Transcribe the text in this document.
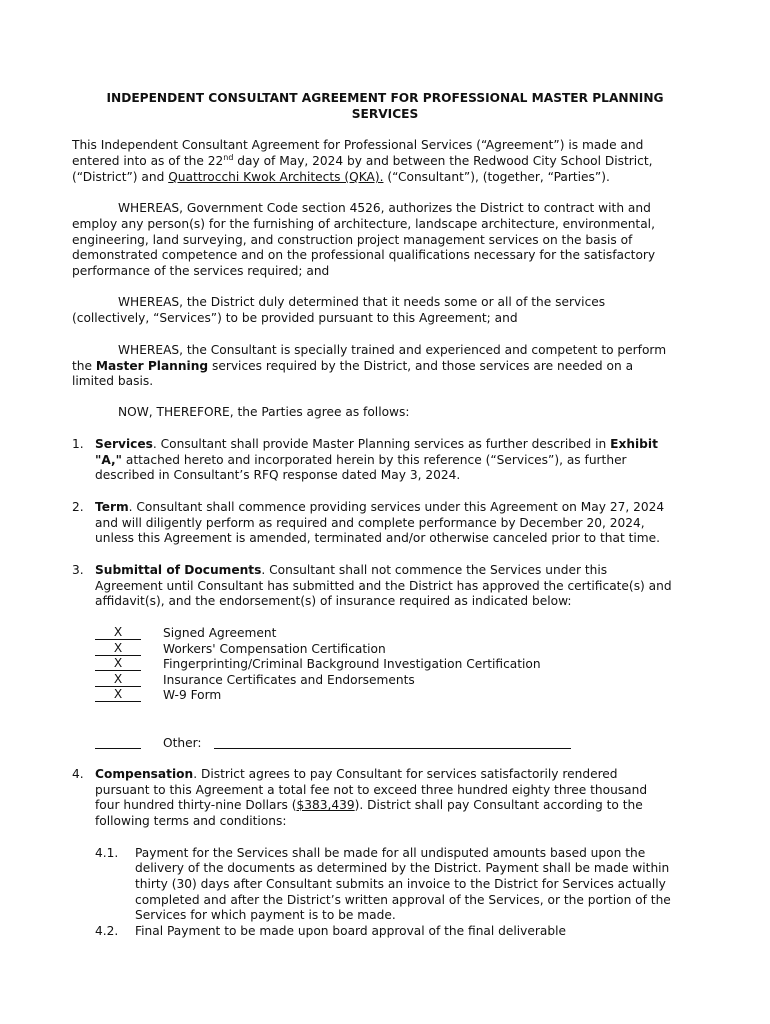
INDEPENDENT CONSULTANT AGREEMENT FOR PROFESSIONAL MASTER PLANNING
SERVICES
This Independent Consultant Agreement for Professional Services (“Agreement”) is made and
entered into as of the 22nd day of May, 2024 by and between the Redwood City School District,
(“District”) and Quattrocchi Kwok Architects (QKA). (“Consultant”), (together, “Parties”).
WHEREAS, Government Code section 4526, authorizes the District to contract with and
employ any person(s) for the furnishing of architecture, landscape architecture, environmental,
engineering, land surveying, and construction project management services on the basis of
demonstrated competence and on the professional qualifications necessary for the satisfactory
performance of the services required; and
WHEREAS, the District duly determined that it needs some or all of the services
(collectively, “Services”) to be provided pursuant to this Agreement; and
WHEREAS, the Consultant is specially trained and experienced and competent to perform
the Master Planning services required by the District, and those services are needed on a
limited basis.
NOW, THEREFORE, the Parties agree as follows:
1. Services. Consultant shall provide Master Planning services as further described in Exhibit
"A," attached hereto and incorporated herein by this reference (“Services”), as further
described in Consultant’s RFQ response dated May 3, 2024.
2. Term. Consultant shall commence providing services under this Agreement on May 27, 2024
and will diligently perform as required and complete performance by December 20, 2024,
unless this Agreement is amended, terminated and/or otherwise canceled prior to that time.
3. Submittal of Documents. Consultant shall not commence the Services under this
Agreement until Consultant has submitted and the District has approved the certificate(s) and
affidavit(s), and the endorsement(s) of insurance required as indicated below:
X	Signed Agreement
X	Workers' Compensation Certification
X	Fingerprinting/Criminal Background Investigation Certification
X	Insurance Certificates and Endorsements
X	W-9 Form
Other:
4. Compensation. District agrees to pay Consultant for services satisfactorily rendered
pursuant to this Agreement a total fee not to exceed three hundred eighty three thousand
four hundred thirty-nine Dollars ($383,439). District shall pay Consultant according to the
following terms and conditions:
4.1. Payment for the Services shall be made for all undisputed amounts based upon the
delivery of the documents as determined by the District. Payment shall be made within
thirty (30) days after Consultant submits an invoice to the District for Services actually
completed and after the District’s written approval of the Services, or the portion of the
Services for which payment is to be made.
4.2. Final Payment to be made upon board approval of the final deliverable
